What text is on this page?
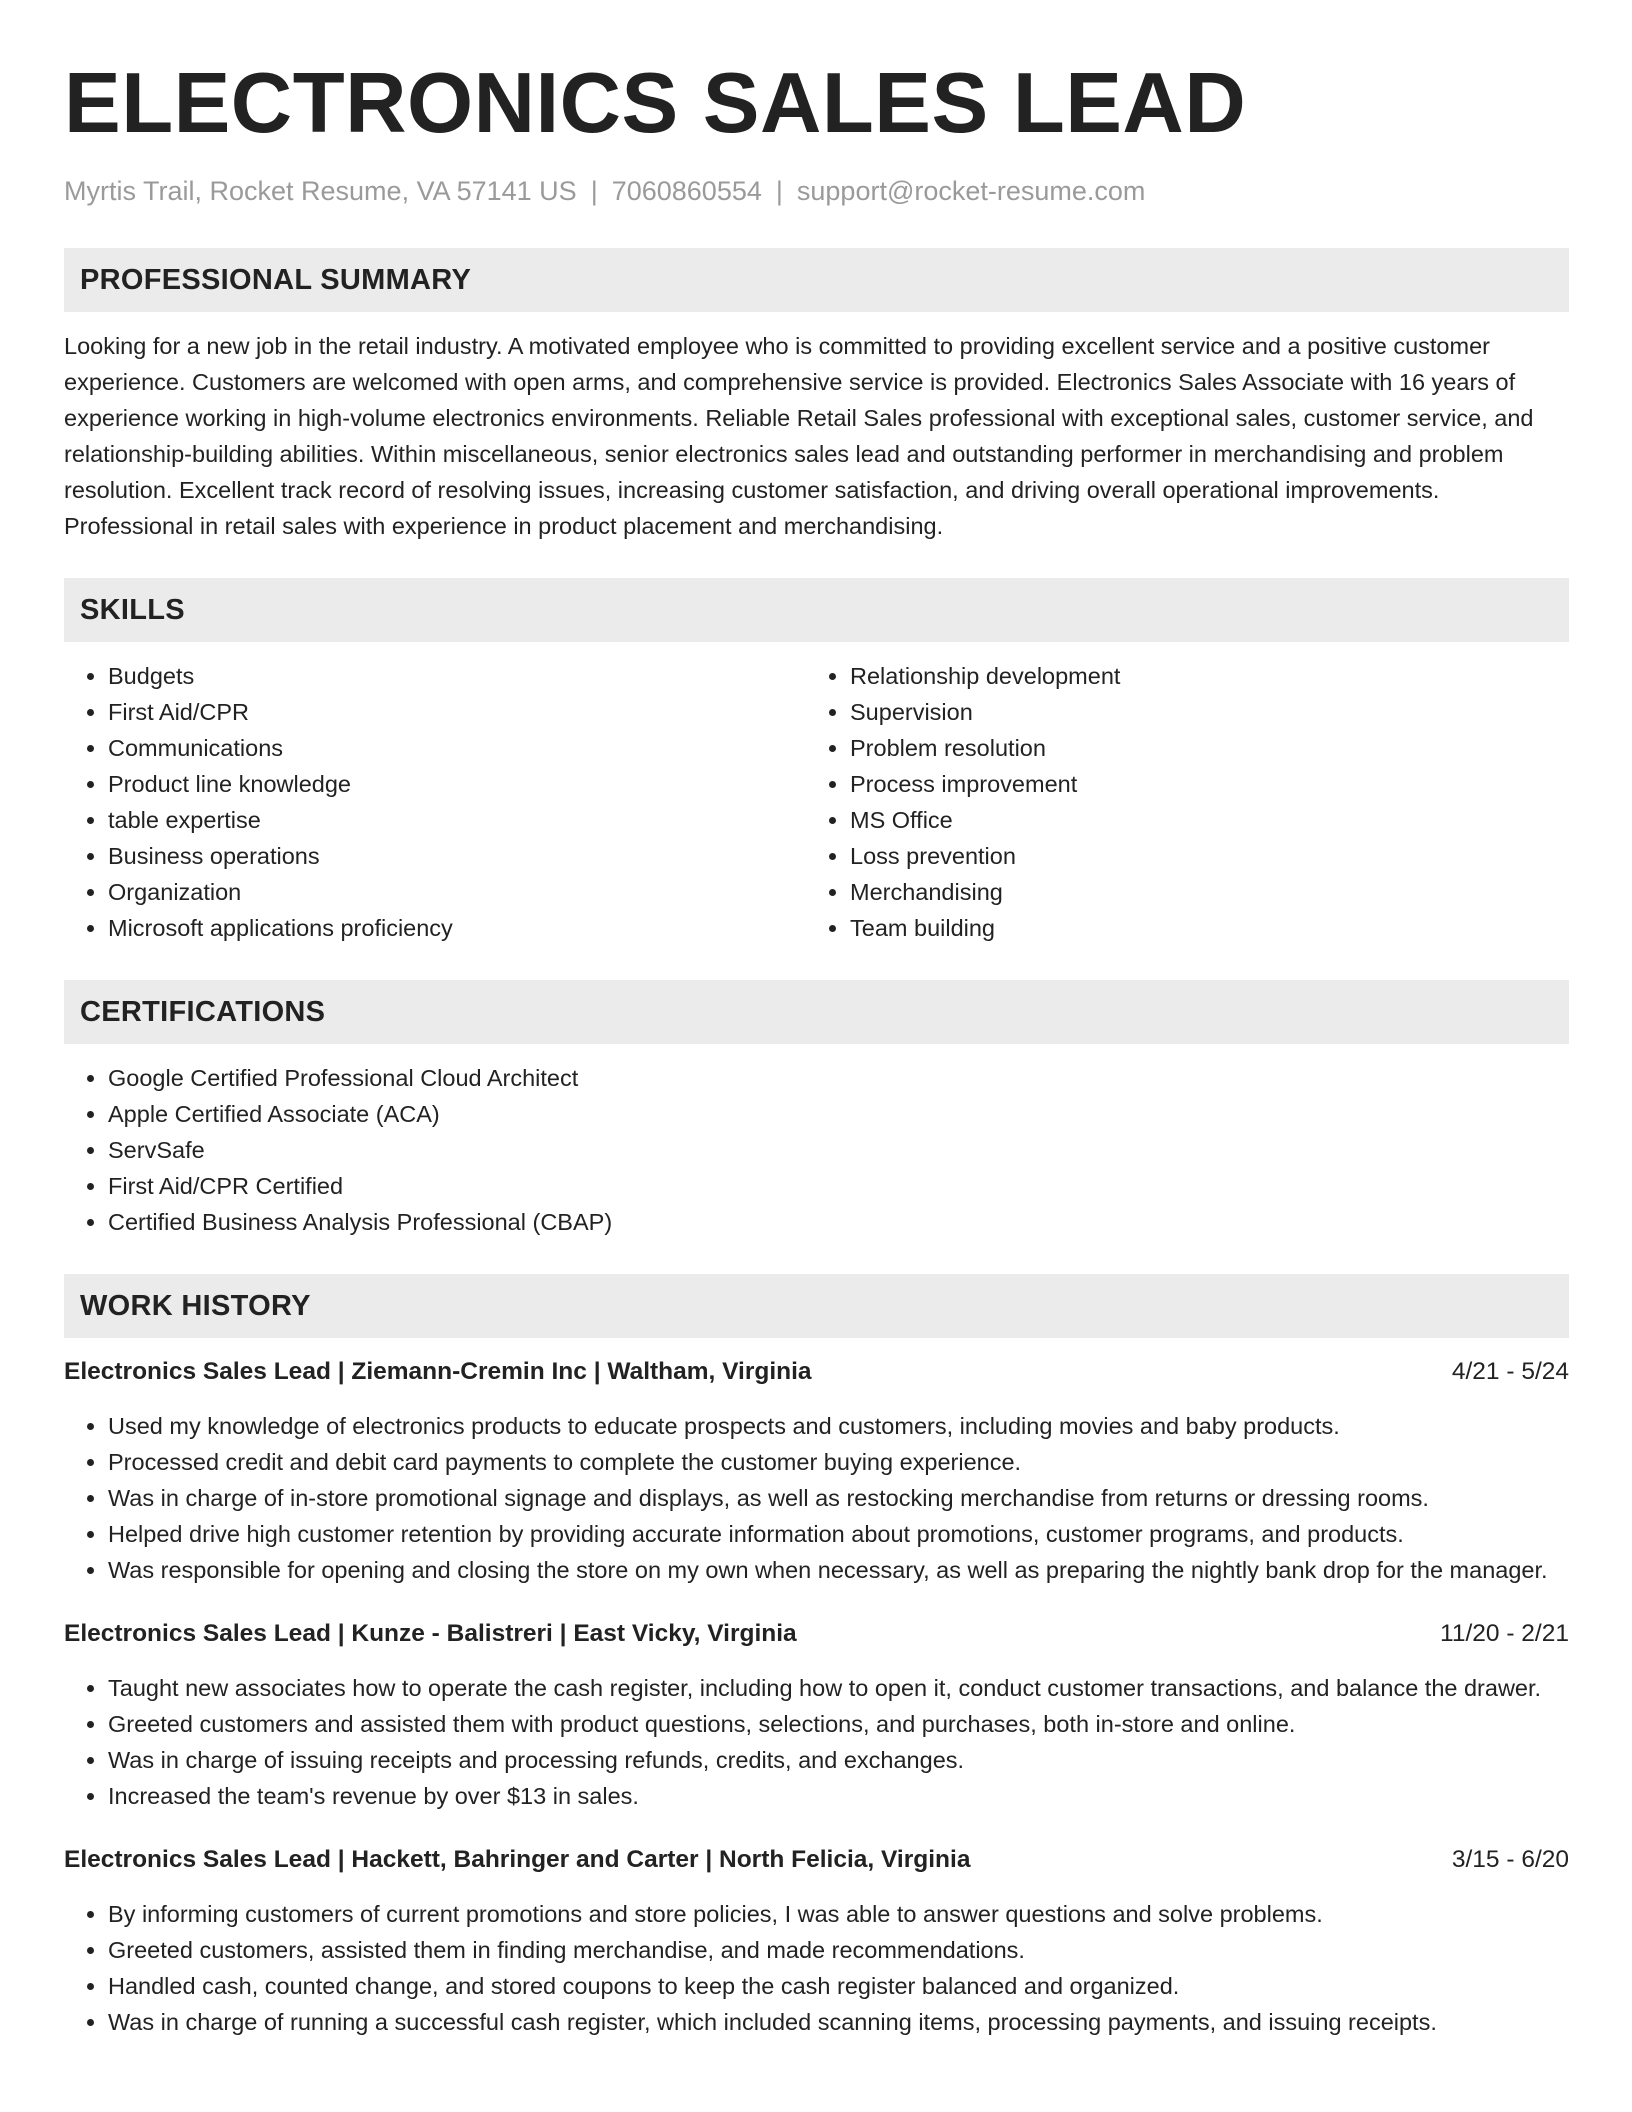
ELECTRONICS SALES LEAD
Myrtis Trail, Rocket Resume, VA 57141 US | 7060860554 | support@rocket-resume.com
PROFESSIONAL SUMMARY
Looking for a new job in the retail industry. A motivated employee who is committed to providing excellent service and a positive customer experience. Customers are welcomed with open arms, and comprehensive service is provided. Electronics Sales Associate with 16 years of experience working in high-volume electronics environments. Reliable Retail Sales professional with exceptional sales, customer service, and relationship-building abilities. Within miscellaneous, senior electronics sales lead and outstanding performer in merchandising and problem resolution. Excellent track record of resolving issues, increasing customer satisfaction, and driving overall operational improvements. Professional in retail sales with experience in product placement and merchandising.
SKILLS
• Budgets
• First Aid/CPR
• Communications
• Product line knowledge
• table expertise
• Business operations
• Organization
• Microsoft applications proficiency
• Relationship development
• Supervision
• Problem resolution
• Process improvement
• MS Office
• Loss prevention
• Merchandising
• Team building
CERTIFICATIONS
• Google Certified Professional Cloud Architect
• Apple Certified Associate (ACA)
• ServSafe
• First Aid/CPR Certified
• Certified Business Analysis Professional (CBAP)
WORK HISTORY
Electronics Sales Lead | Ziemann-Cremin Inc | Waltham, Virginia	4/21 - 5/24
• Used my knowledge of electronics products to educate prospects and customers, including movies and baby products.
• Processed credit and debit card payments to complete the customer buying experience.
• Was in charge of in-store promotional signage and displays, as well as restocking merchandise from returns or dressing rooms.
• Helped drive high customer retention by providing accurate information about promotions, customer programs, and products.
• Was responsible for opening and closing the store on my own when necessary, as well as preparing the nightly bank drop for the manager.
Electronics Sales Lead | Kunze - Balistreri | East Vicky, Virginia	11/20 - 2/21
• Taught new associates how to operate the cash register, including how to open it, conduct customer transactions, and balance the drawer.
• Greeted customers and assisted them with product questions, selections, and purchases, both in-store and online.
• Was in charge of issuing receipts and processing refunds, credits, and exchanges.
• Increased the team's revenue by over $13 in sales.
Electronics Sales Lead | Hackett, Bahringer and Carter | North Felicia, Virginia	3/15 - 6/20
• By informing customers of current promotions and store policies, I was able to answer questions and solve problems.
• Greeted customers, assisted them in finding merchandise, and made recommendations.
• Handled cash, counted change, and stored coupons to keep the cash register balanced and organized.
• Was in charge of running a successful cash register, which included scanning items, processing payments, and issuing receipts.
